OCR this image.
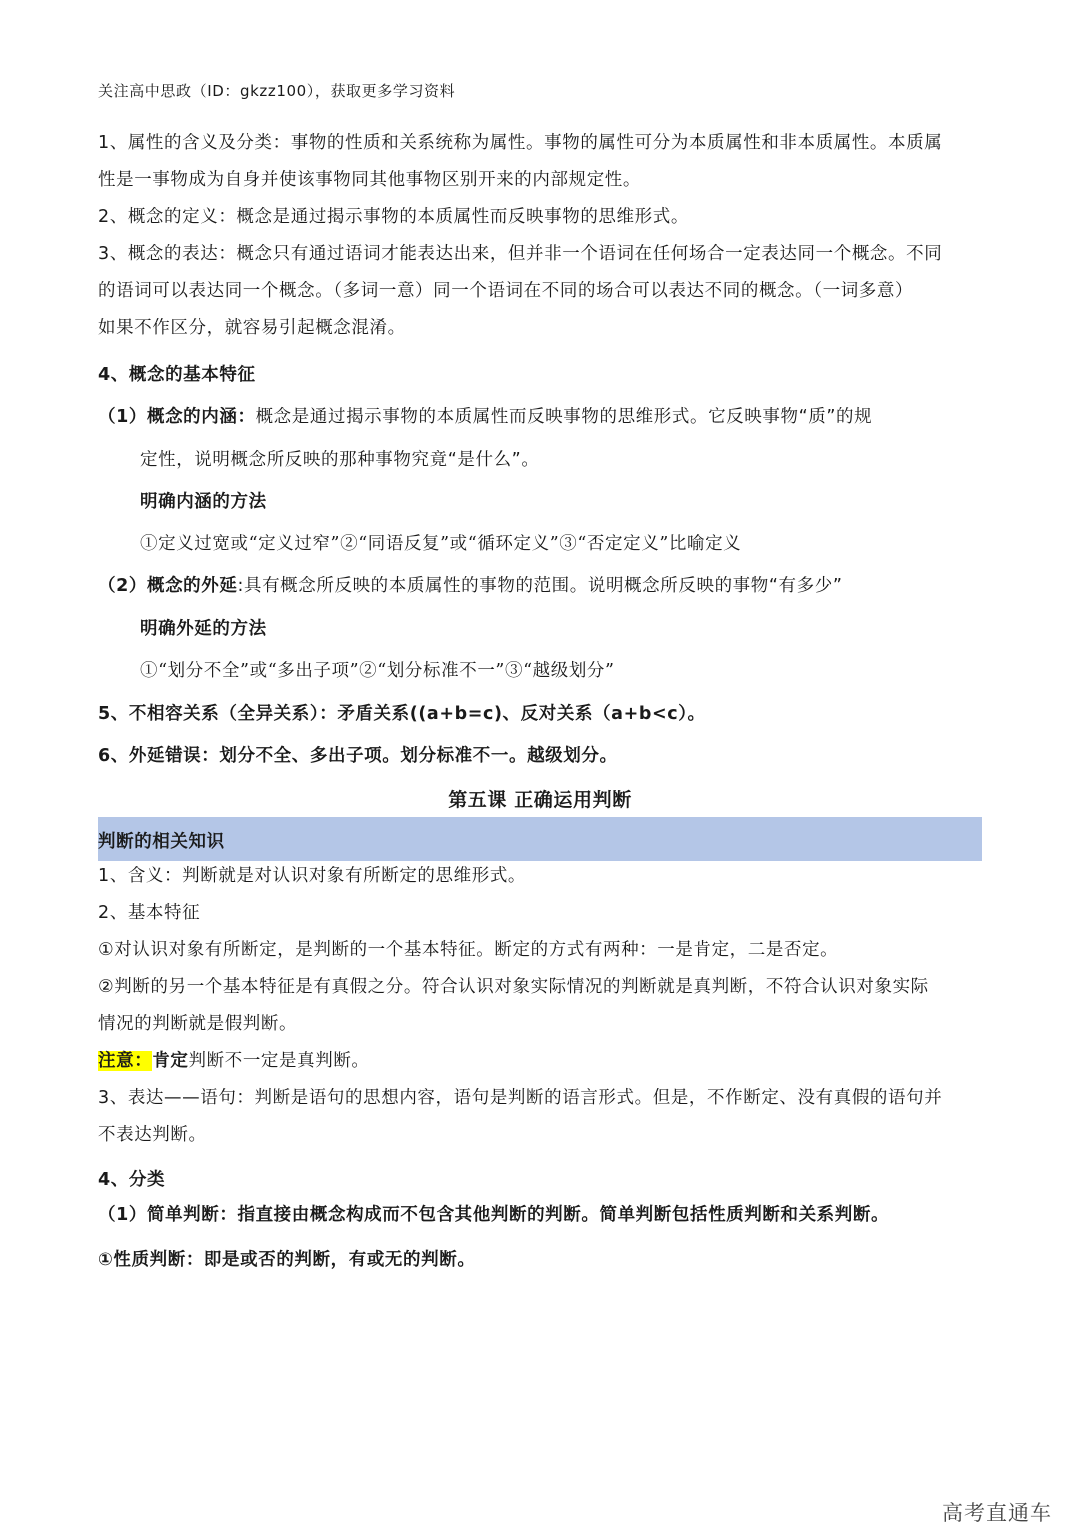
关注高中思政（ID：gkzz100），获取更多学习资料
1、属性的含义及分类：事物的性质和关系统称为属性。事物的属性可分为本质属性和非本质属性。本质属
性是一事物成为自身并使该事物同其他事物区别开来的内部规定性。
2、概念的定义：概念是通过揭示事物的本质属性而反映事物的思维形式。
3、概念的表达：概念只有通过语词才能表达出来，但并非一个语词在任何场合一定表达同一个概念。不同
的语词可以表达同一个概念。（多词一意）同一个语词在不同的场合可以表达不同的概念。（一词多意）
如果不作区分，就容易引起概念混淆。
4、概念的基本特征
（1）概念的内涵：概念是通过揭示事物的本质属性而反映事物的思维形式。它反映事物“质”的规
定性，说明概念所反映的那种事物究竟“是什么”。
明确内涵的方法
①定义过宽或“定义过窄”②“同语反复”或“循环定义”③“否定定义”比喻定义
（2）概念的外延:具有概念所反映的本质属性的事物的范围。说明概念所反映的事物“有多少”
明确外延的方法
①“划分不全”或“多出子项”②“划分标准不一”③“越级划分”
5、不相容关系（全异关系）：矛盾关系((a+b=c)、反对关系（a+b<c）。
6、外延错误：划分不全、多出子项。划分标准不一。越级划分。
第五课 正确运用判断
判断的相关知识
1、含义：判断就是对认识对象有所断定的思维形式。
2、基本特征
①对认识对象有所断定，是判断的一个基本特征。断定的方式有两种：一是肯定，二是否定。
②判断的另一个基本特征是有真假之分。符合认识对象实际情况的判断就是真判断，不符合认识对象实际
情况的判断就是假判断。
注意：肯定判断不一定是真判断。
3、表达——语句：判断是语句的思想内容，语句是判断的语言形式。但是，不作断定、没有真假的语句并
不表达判断。
4、分类
（1）简单判断：指直接由概念构成而不包含其他判断的判断。简单判断包括性质判断和关系判断。
①性质判断：即是或否的判断，有或无的判断。
高考直通车
